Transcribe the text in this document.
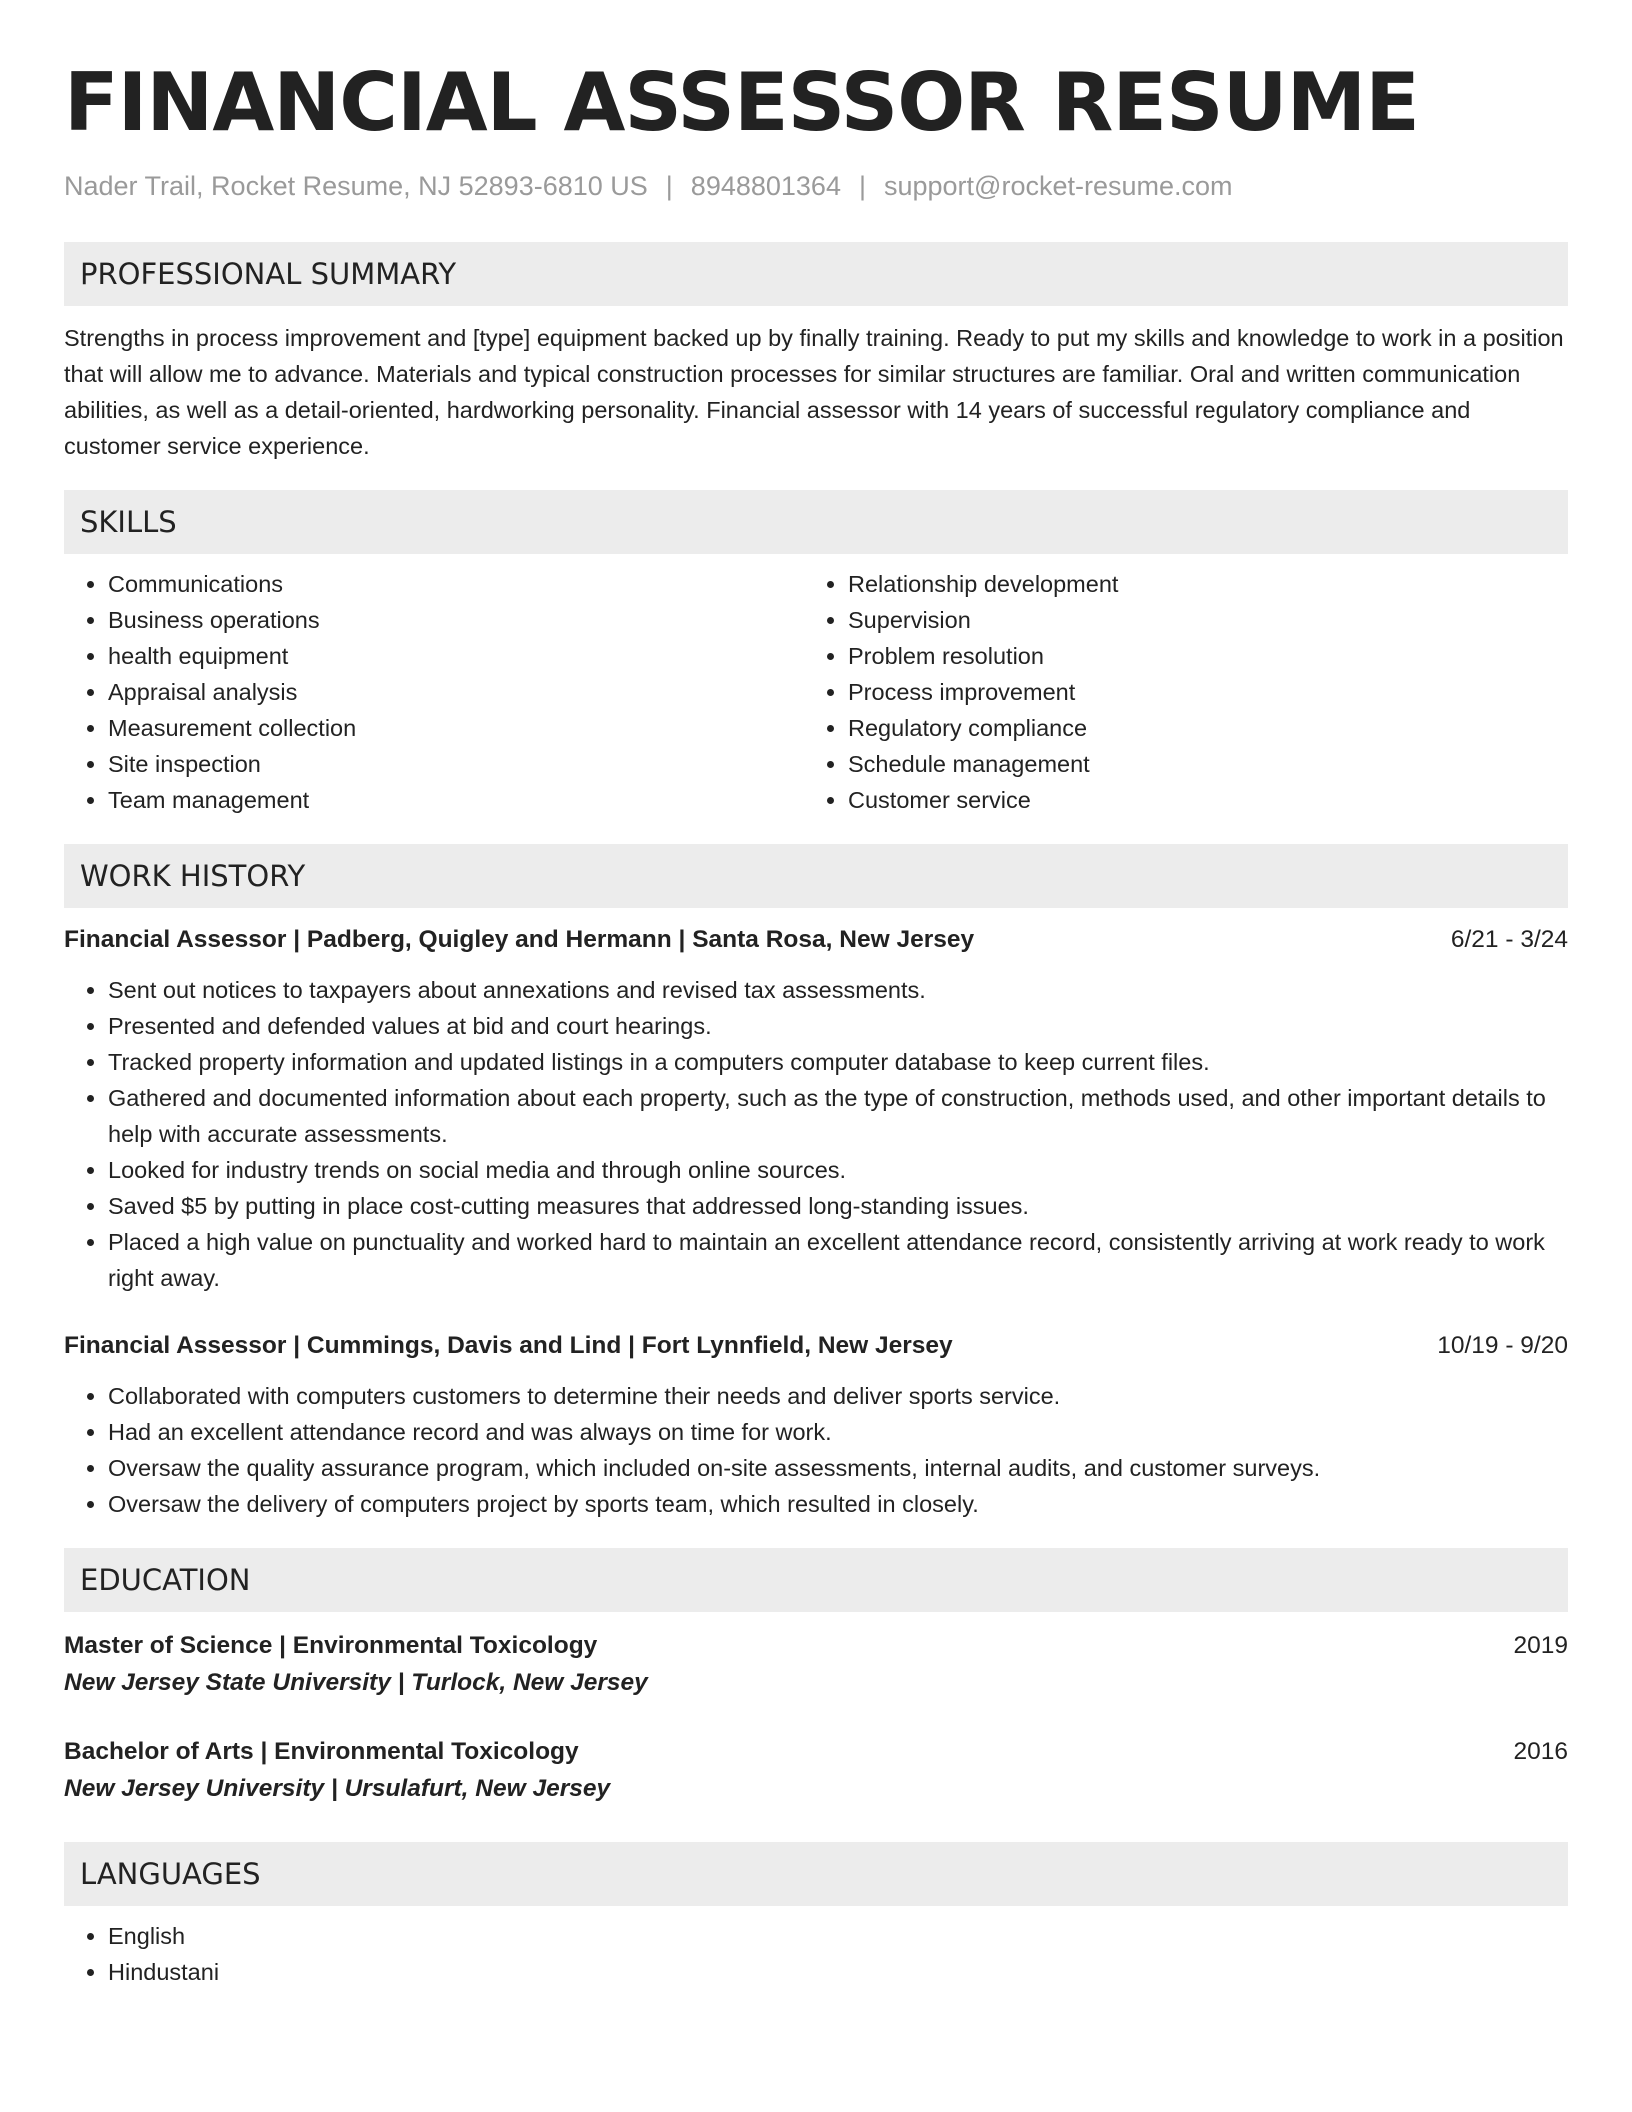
FINANCIAL ASSESSOR RESUME
Nader Trail, Rocket Resume, NJ 52893-6810 US | 8948801364 | support@rocket-resume.com
PROFESSIONAL SUMMARY
Strengths in process improvement and [type] equipment backed up by finally training. Ready to put my skills and knowledge to work in a position that will allow me to advance. Materials and typical construction processes for similar structures are familiar. Oral and written communication abilities, as well as a detail-oriented, hardworking personality. Financial assessor with 14 years of successful regulatory compliance and customer service experience.
SKILLS
• Communications
• Business operations
• health equipment
• Appraisal analysis
• Measurement collection
• Site inspection
• Team management
• Relationship development
• Supervision
• Problem resolution
• Process improvement
• Regulatory compliance
• Schedule management
• Customer service
WORK HISTORY
Financial Assessor | Padberg, Quigley and Hermann | Santa Rosa, New Jersey	6/21 - 3/24
• Sent out notices to taxpayers about annexations and revised tax assessments.
• Presented and defended values at bid and court hearings.
• Tracked property information and updated listings in a computers computer database to keep current files.
• Gathered and documented information about each property, such as the type of construction, methods used, and other important details to help with accurate assessments.
• Looked for industry trends on social media and through online sources.
• Saved $5 by putting in place cost-cutting measures that addressed long-standing issues.
• Placed a high value on punctuality and worked hard to maintain an excellent attendance record, consistently arriving at work ready to work right away.
Financial Assessor | Cummings, Davis and Lind | Fort Lynnfield, New Jersey	10/19 - 9/20
• Collaborated with computers customers to determine their needs and deliver sports service.
• Had an excellent attendance record and was always on time for work.
• Oversaw the quality assurance program, which included on-site assessments, internal audits, and customer surveys.
• Oversaw the delivery of computers project by sports team, which resulted in closely.
EDUCATION
Master of Science | Environmental Toxicology	2019
New Jersey State University | Turlock, New Jersey
Bachelor of Arts | Environmental Toxicology	2016
New Jersey University | Ursulafurt, New Jersey
LANGUAGES
• English
• Hindustani
